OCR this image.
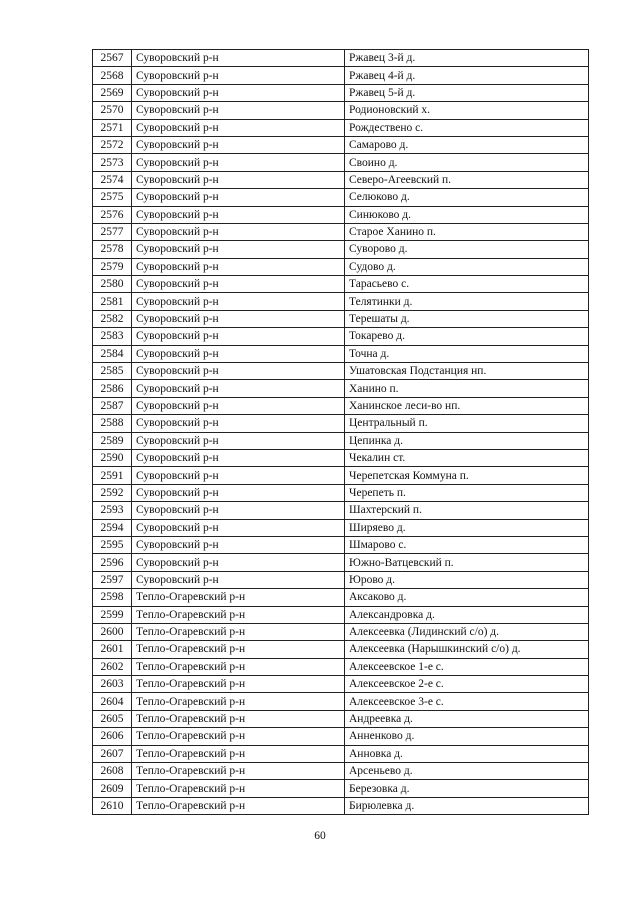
2567	Суворовский р-н	Ржавец 3-й д.
2568	Суворовский р-н	Ржавец 4-й д.
2569	Суворовский р-н	Ржавец 5-й д.
2570	Суворовский р-н	Родионовский х.
2571	Суворовский р-н	Рождествено с.
2572	Суворовский р-н	Самарово д.
2573	Суворовский р-н	Своино д.
2574	Суворовский р-н	Северо-Агеевский п.
2575	Суворовский р-н	Селюково д.
2576	Суворовский р-н	Синюково д.
2577	Суворовский р-н	Старое Ханино п.
2578	Суворовский р-н	Суворово д.
2579	Суворовский р-н	Судово д.
2580	Суворовский р-н	Тарасьево с.
2581	Суворовский р-н	Телятинки д.
2582	Суворовский р-н	Терешаты д.
2583	Суворовский р-н	Токарево д.
2584	Суворовский р-н	Точна д.
2585	Суворовский р-н	Ушатовская Подстанция нп.
2586	Суворовский р-н	Ханино п.
2587	Суворовский р-н	Ханинское леси-во нп.
2588	Суворовский р-н	Центральный п.
2589	Суворовский р-н	Цепинка д.
2590	Суворовский р-н	Чекалин ст.
2591	Суворовский р-н	Черепетская Коммуна п.
2592	Суворовский р-н	Черепеть п.
2593	Суворовский р-н	Шахтерский п.
2594	Суворовский р-н	Ширяево д.
2595	Суворовский р-н	Шмарово с.
2596	Суворовский р-н	Южно-Ватцевский п.
2597	Суворовский р-н	Юрово д.
2598	Тепло-Огаревский р-н	Аксаково д.
2599	Тепло-Огаревский р-н	Александровка д.
2600	Тепло-Огаревский р-н	Алексеевка (Лидинский с/о) д.
2601	Тепло-Огаревский р-н	Алексеевка (Нарышкинский с/о) д.
2602	Тепло-Огаревский р-н	Алексеевское 1-е с.
2603	Тепло-Огаревский р-н	Алексеевское 2-е с.
2604	Тепло-Огаревский р-н	Алексеевское 3-е с.
2605	Тепло-Огаревский р-н	Андреевка д.
2606	Тепло-Огаревский р-н	Анненково д.
2607	Тепло-Огаревский р-н	Анновка д.
2608	Тепло-Огаревский р-н	Арсеньево д.
2609	Тепло-Огаревский р-н	Березовка д.
2610	Тепло-Огаревский р-н	Бирюлевка д.
60
